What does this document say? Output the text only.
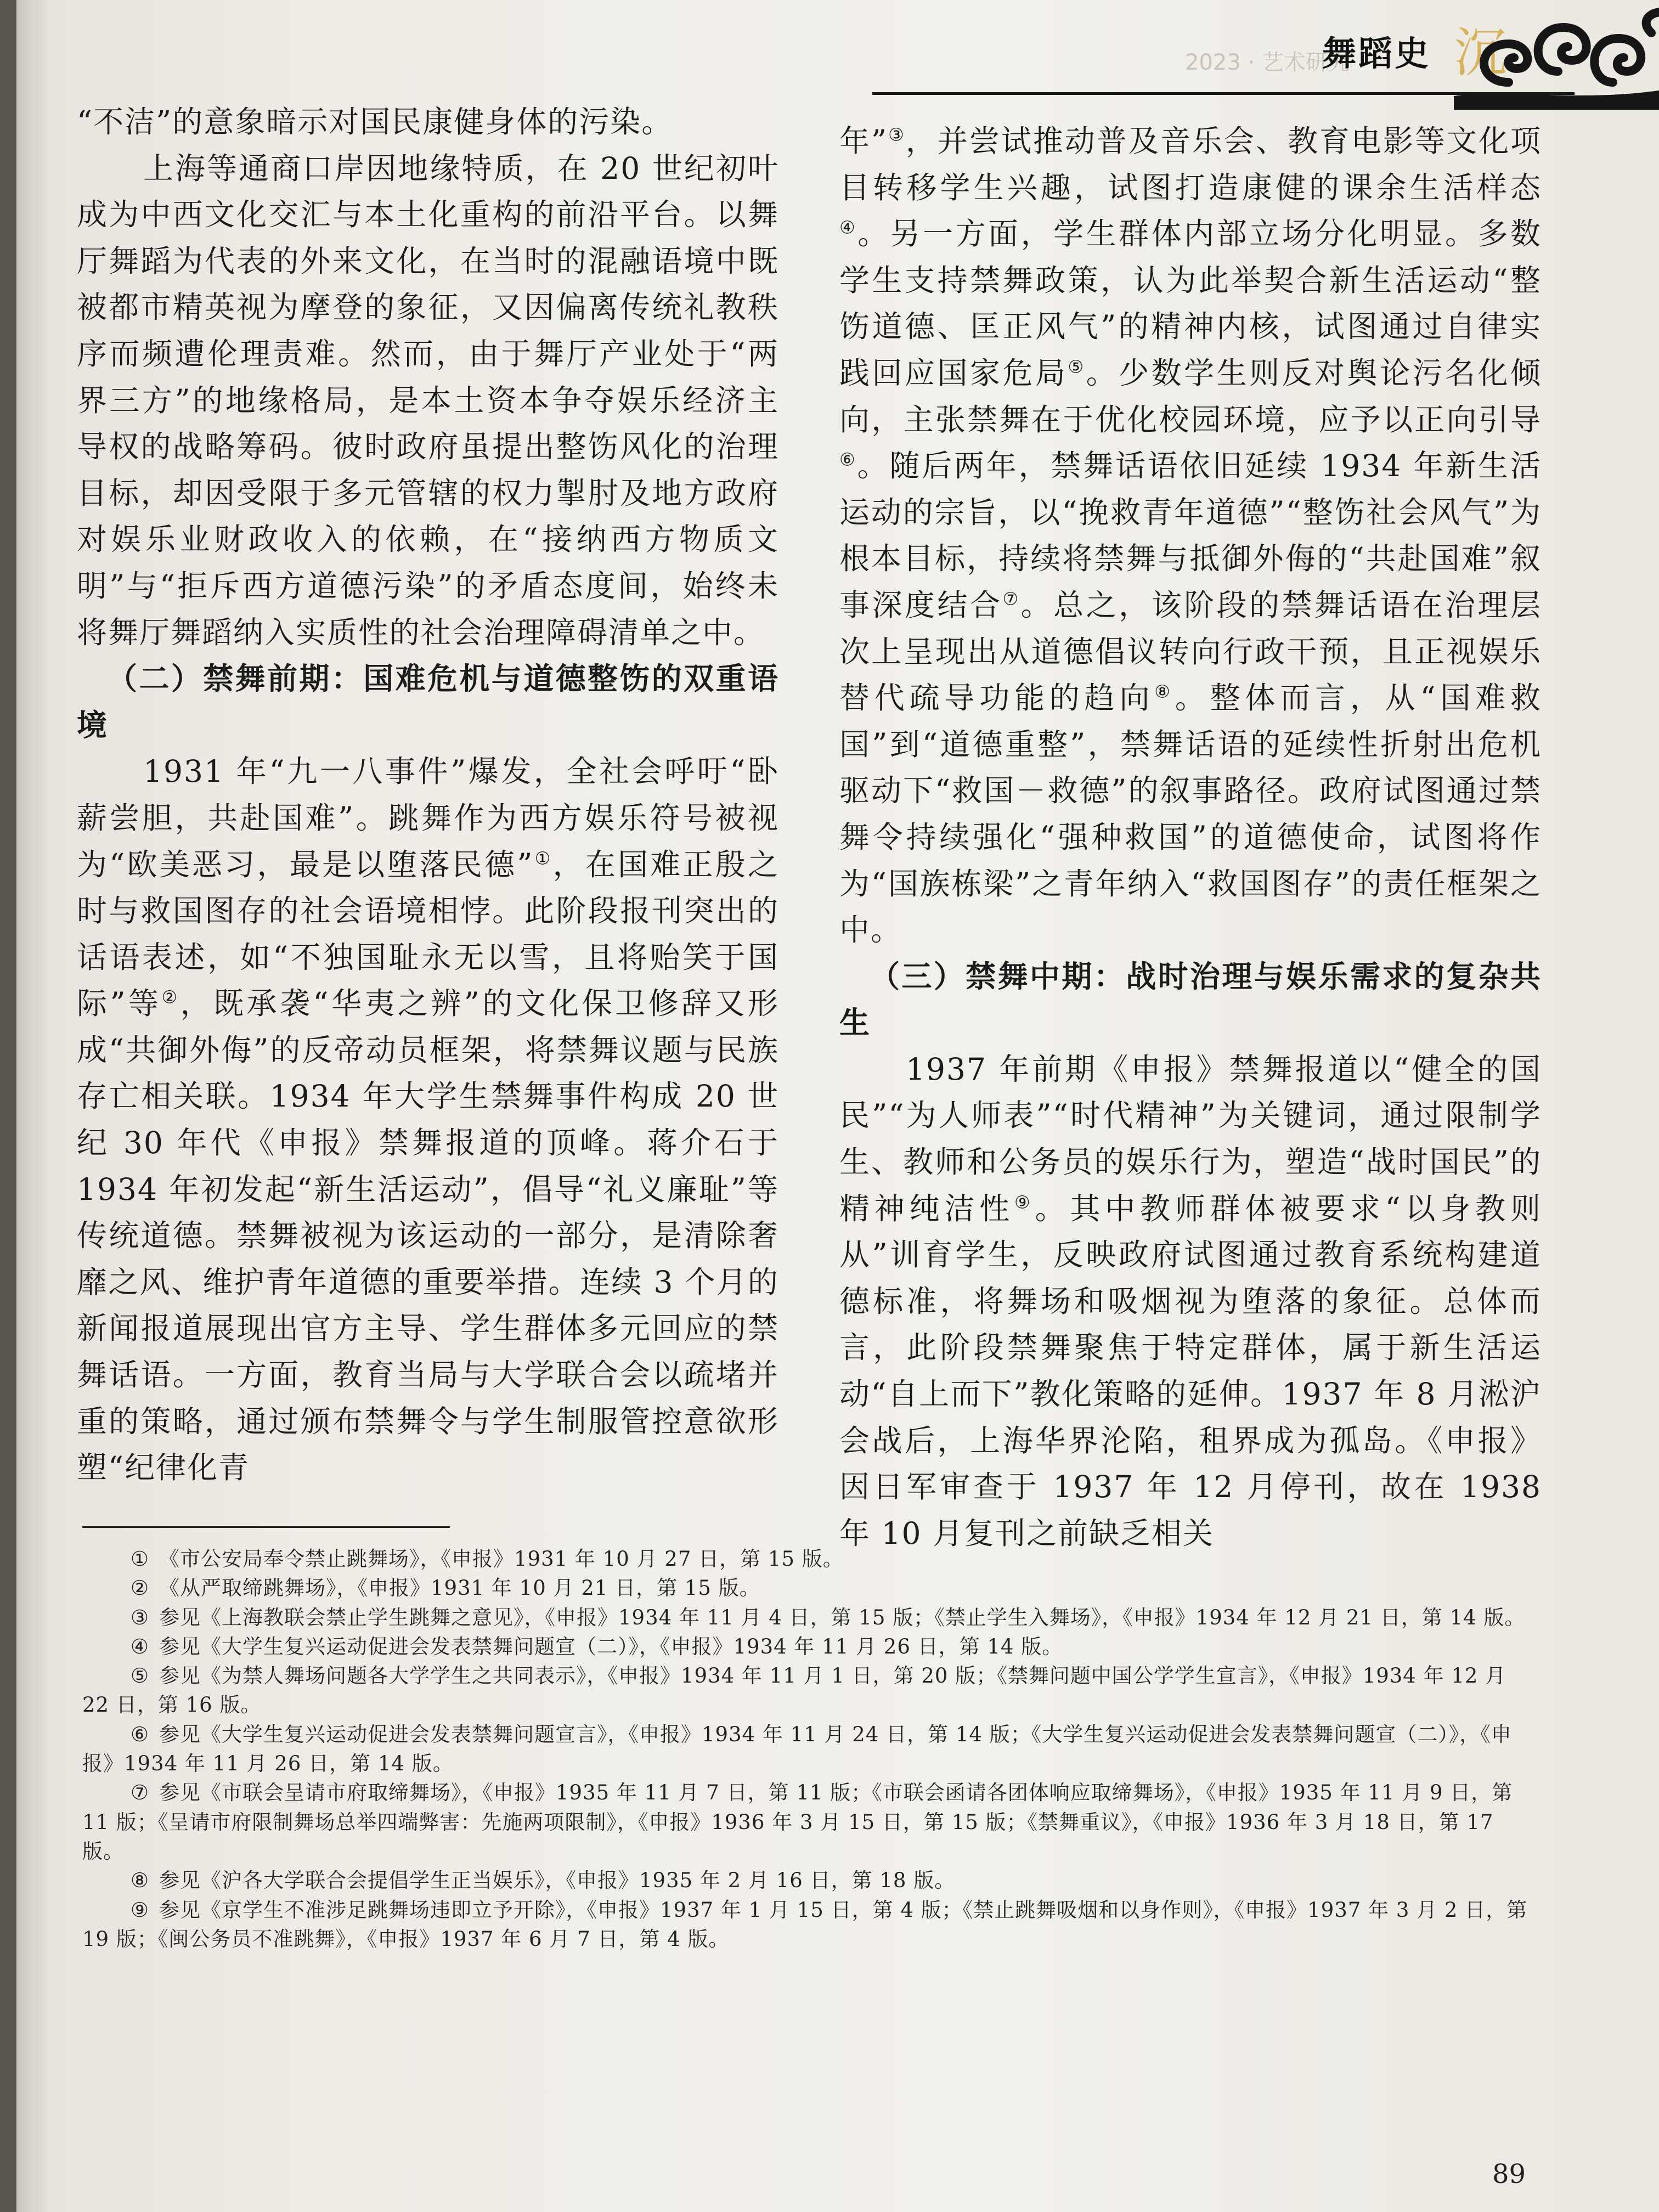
2023 · 艺术研究
舞蹈史 沉

“不洁”的意象暗示对国民康健身体的污染。

上海等通商口岸因地缘特质，在 20 世纪初叶成为中西文化交汇与本土化重构的前沿平台。以舞厅舞蹈为代表的外来文化，在当时的混融语境中既被都市精英视为摩登的象征，又因偏离传统礼教秩序而频遭伦理责难。然而，由于舞厅产业处于“两界三方”的地缘格局，是本土资本争夺娱乐经济主导权的战略筹码。彼时政府虽提出整饬风化的治理目标，却因受限于多元管辖的权力掣肘及地方政府对娱乐业财政收入的依赖，在“接纳西方物质文明”与“拒斥西方道德污染”的矛盾态度间，始终未将舞厅舞蹈纳入实质性的社会治理障碍清单之中。

（二）禁舞前期：国难危机与道德整饬的双重语境

1931 年“九一八事件”爆发，全社会呼吁“卧薪尝胆，共赴国难”。跳舞作为西方娱乐符号被视为“欧美恶习，最是以堕落民德”①，在国难正殷之时与救国图存的社会语境相悖。此阶段报刊突出的话语表述，如“不独国耻永无以雪，且将贻笑于国际”等②，既承袭“华夷之辨”的文化保卫修辞又形成“共御外侮”的反帝动员框架，将禁舞议题与民族存亡相关联。1934 年大学生禁舞事件构成 20 世纪 30 年代《申报》禁舞报道的顶峰。蒋介石于 1934 年初发起“新生活运动”，倡导“礼义廉耻”等传统道德。禁舞被视为该运动的一部分，是清除奢靡之风、维护青年道德的重要举措。连续 3 个月的新闻报道展现出官方主导、学生群体多元回应的禁舞话语。一方面，教育当局与大学联合会以疏堵并重的策略，通过颁布禁舞令与学生制服管控意欲形塑“纪律化青

年”③，并尝试推动普及音乐会、教育电影等文化项目转移学生兴趣，试图打造康健的课余生活样态④。另一方面，学生群体内部立场分化明显。多数学生支持禁舞政策，认为此举契合新生活运动“整饬道德、匡正风气”的精神内核，试图通过自律实践回应国家危局⑤。少数学生则反对舆论污名化倾向，主张禁舞在于优化校园环境，应予以正向引导⑥。随后两年，禁舞话语依旧延续 1934 年新生活运动的宗旨，以“挽救青年道德”“整饬社会风气”为根本目标，持续将禁舞与抵御外侮的“共赴国难”叙事深度结合⑦。总之，该阶段的禁舞话语在治理层次上呈现出从道德倡议转向行政干预，且正视娱乐替代疏导功能的趋向⑧。整体而言，从“国难救国”到“道德重整”，禁舞话语的延续性折射出危机驱动下“救国－救德”的叙事路径。政府试图通过禁舞令持续强化“强种救国”的道德使命，试图将作为“国族栋梁”之青年纳入“救国图存”的责任框架之中。

（三）禁舞中期：战时治理与娱乐需求的复杂共生

1937 年前期《申报》禁舞报道以“健全的国民”“为人师表”“时代精神”为关键词，通过限制学生、教师和公务员的娱乐行为，塑造“战时国民”的精神纯洁性⑨。其中教师群体被要求“以身教则从”训育学生，反映政府试图通过教育系统构建道德标准，将舞场和吸烟视为堕落的象征。总体而言，此阶段禁舞聚焦于特定群体，属于新生活运动“自上而下”教化策略的延伸。1937 年 8 月淞沪会战后，上海华界沦陷，租界成为孤岛。《申报》因日军审查于 1937 年 12 月停刊，故在 1938 年 10 月复刊之前缺乏相关

① 《市公安局奉令禁止跳舞场》，《申报》1931 年 10 月 27 日，第 15 版。

② 《从严取缔跳舞场》，《申报》1931 年 10 月 21 日，第 15 版。

③ 参见《上海教联会禁止学生跳舞之意见》，《申报》1934 年 11 月 4 日，第 15 版；《禁止学生入舞场》，《申报》1934 年 12 月 21 日，第 14 版。

④ 参见《大学生复兴运动促进会发表禁舞问题宣（二）》，《申报》1934 年 11 月 26 日，第 14 版。

⑤ 参见《为禁人舞场问题各大学学生之共同表示》，《申报》1934 年 11 月 1 日，第 20 版；《禁舞问题中国公学学生宣言》，《申报》1934 年 12 月 22 日，第 16 版。

⑥ 参见《大学生复兴运动促进会发表禁舞问题宣言》，《申报》1934 年 11 月 24 日，第 14 版；《大学生复兴运动促进会发表禁舞问题宣（二）》，《申报》1934 年 11 月 26 日，第 14 版。

⑦ 参见《市联会呈请市府取缔舞场》，《申报》1935 年 11 月 7 日，第 11 版；《市联会函请各团体响应取缔舞场》，《申报》1935 年 11 月 9 日，第 11 版；《呈请市府限制舞场总举四端弊害：先施两项限制》，《申报》1936 年 3 月 15 日，第 15 版；《禁舞重议》，《申报》1936 年 3 月 18 日，第 17 版。

⑧ 参见《沪各大学联合会提倡学生正当娱乐》，《申报》1935 年 2 月 16 日，第 18 版。

⑨ 参见《京学生不准涉足跳舞场违即立予开除》，《申报》1937 年 1 月 15 日，第 4 版；《禁止跳舞吸烟和以身作则》，《申报》1937 年 3 月 2 日，第 19 版；《闽公务员不准跳舞》，《申报》1937 年 6 月 7 日，第 4 版。

89
